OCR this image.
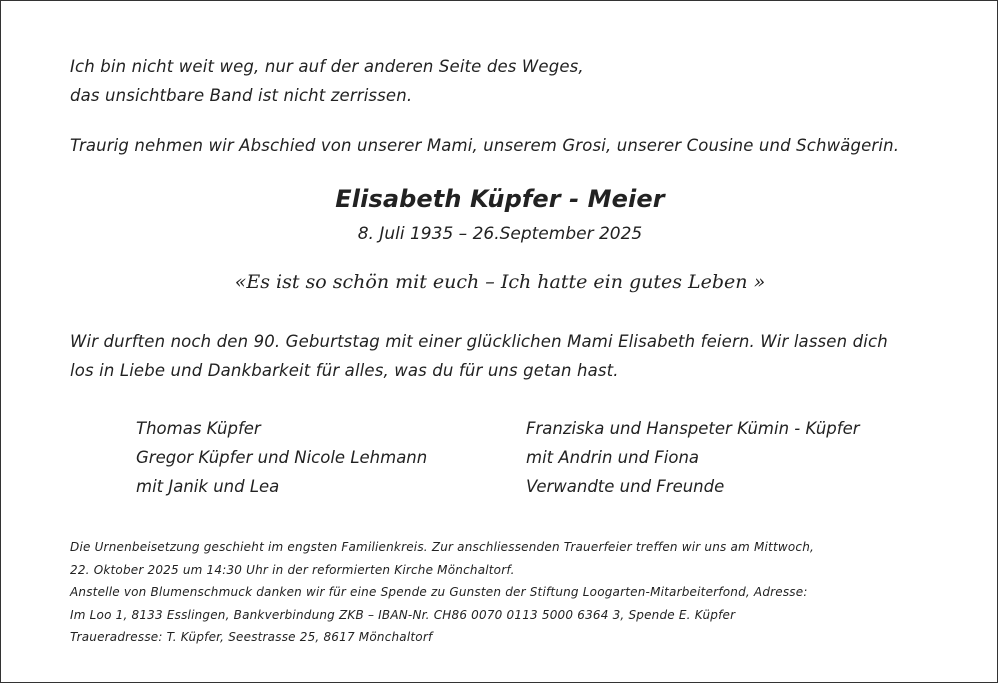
Ich bin nicht weit weg, nur auf der anderen Seite des Weges,
das unsichtbare Band ist nicht zerrissen.
Traurig nehmen wir Abschied von unserer Mami, unserem Grosi, unserer Cousine und Schwägerin.
Elisabeth Küpfer - Meier
8. Juli 1935 – 26.September 2025
«Es ist so schön mit euch – Ich hatte ein gutes Leben »
Wir durften noch den 90. Geburtstag mit einer glücklichen Mami Elisabeth feiern. Wir lassen dich
los in Liebe und Dankbarkeit für alles, was du für uns getan hast.
Thomas Küpfer
Gregor Küpfer und Nicole Lehmann
mit Janik und Lea
Franziska und Hanspeter Kümin - Küpfer
mit Andrin und Fiona
Verwandte und Freunde
Die Urnenbeisetzung geschieht im engsten Familienkreis. Zur anschliessenden Trauerfeier treffen wir uns am Mittwoch,
22. Oktober 2025 um 14:30 Uhr in der reformierten Kirche Mönchaltorf.
Anstelle von Blumenschmuck danken wir für eine Spende zu Gunsten der Stiftung Loogarten-Mitarbeiterfond, Adresse:
Im Loo 1, 8133 Esslingen, Bankverbindung ZKB – IBAN-Nr. CH86 0070 0113 5000 6364 3, Spende E. Küpfer
Traueradresse: T. Küpfer, Seestrasse 25, 8617 Mönchaltorf
